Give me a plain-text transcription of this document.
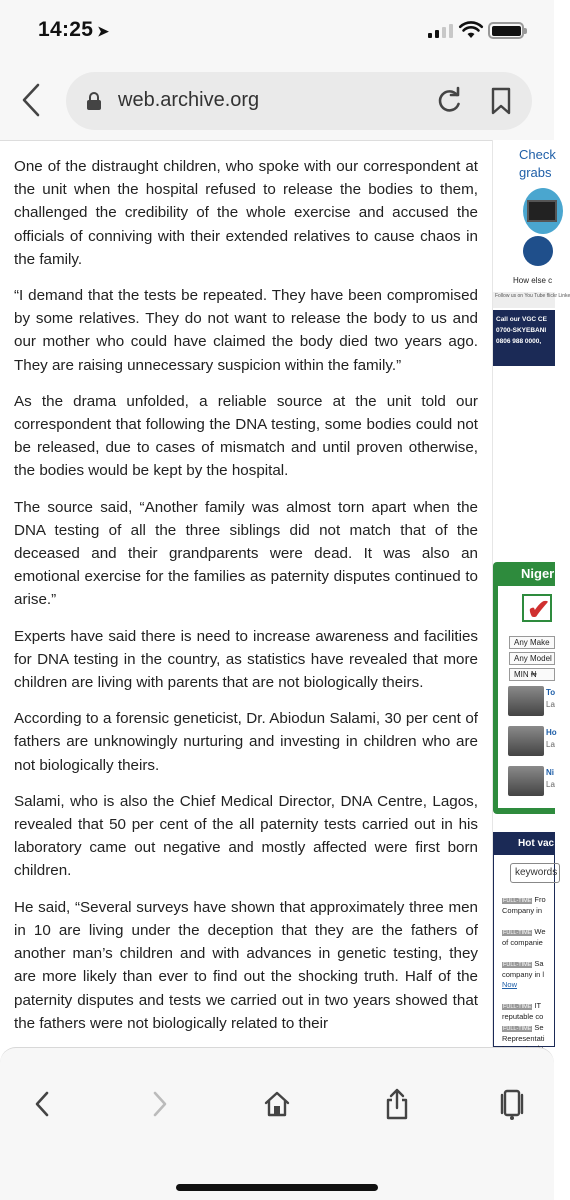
14:25 ➤
web.archive.org

One of the distraught children, who spoke with our correspondent at the unit when the hospital refused to release the bodies to them, challenged the credibility of the whole exercise and accused the officials of conniving with their extended relatives to cause chaos in the family.

“I demand that the tests be repeated. They have been compromised by some relatives. They do not want to release the body to us and our mother who could have claimed the body died two years ago. They are raising unnecessary suspicion within the family.”

As the drama unfolded, a reliable source at the unit told our correspondent that following the DNA testing, some bodies could not be released, due to cases of mismatch and until proven otherwise, the bodies would be kept by the hospital.

The source said, “Another family was almost torn apart when the DNA testing of all the three siblings did not match that of the deceased and their grandparents were dead. It was also an emotional exercise for the families as paternity disputes continued to arise.”

Experts have said there is need to increase awareness and facilities for DNA testing in the country, as statistics have revealed that more children are living with parents that are not biologically theirs.

According to a forensic geneticist, Dr. Abiodun Salami, 30 per cent of fathers are unknowingly nurturing and investing in children who are not biologically theirs.

Salami, who is also the Chief Medical Director, DNA Centre, Lagos, revealed that 50 per cent of the all paternity tests carried out in his laboratory came out negative and mostly affected were first born children.

He said, “Several surveys have shown that approximately three men in 10 are living under the deception that they are the fathers of another man’s children and with advances in genetic testing, they are more likely than ever to find out the shocking truth. Half of the paternity disputes and tests we carried out in two years showed that the fathers were not biologically related to their

Check
grabs
How else c
Follow us on You Tube flickr Linke
Call our VGC CE
0700-SKYEBANI
0806 988 0000,
Niger
✔
Any Make
Any Model
MIN ₦
To
La
Ho
La
Ni
La
Hot vac
keywords
FULL-TIME Fro
Company in
FULL-TIME We
of companie
FULL-TIME Sa
company in l
Now
FULL-TIME IT
reputable co
FULL-TIME Se
Representati
